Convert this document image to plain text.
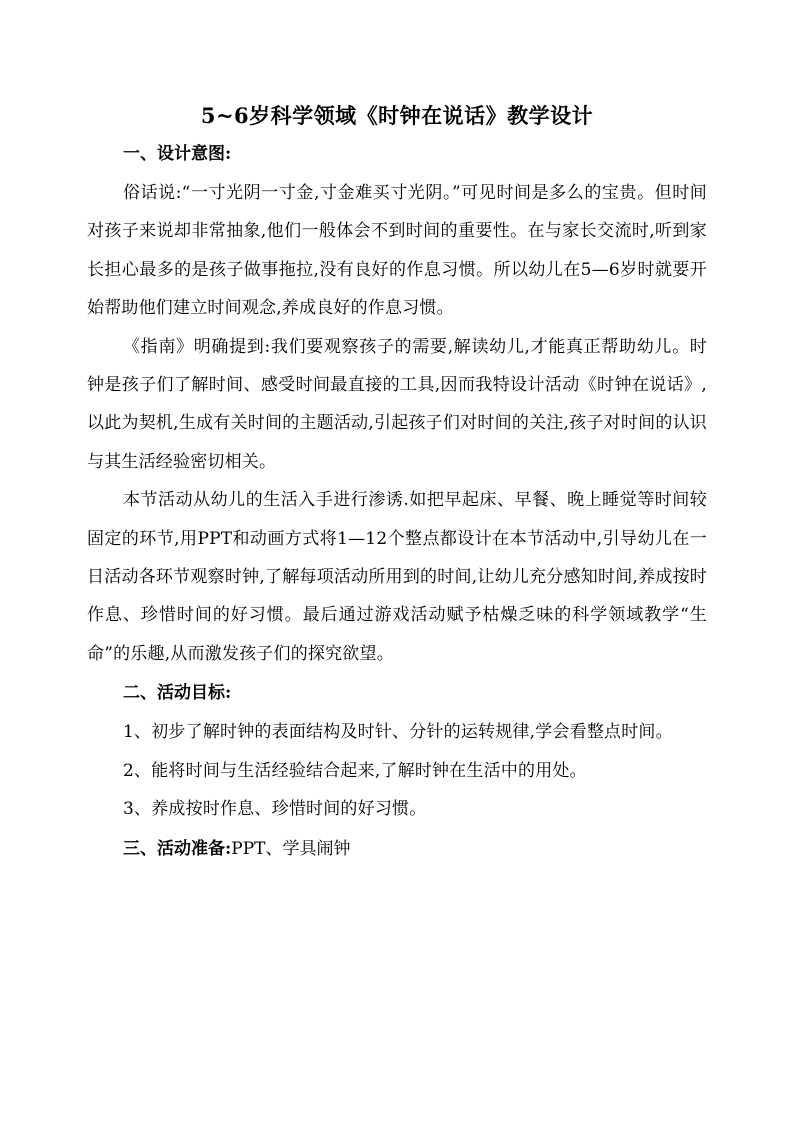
5~6岁科学领域《时钟在说话》教学设计

一、设计意图:

俗话说:“一寸光阴一寸金,寸金难买寸光阴。”可见时间是多么的宝贵。但时间对孩子来说却非常抽象,他们一般体会不到时间的重要性。在与家长交流时,听到家长担心最多的是孩子做事拖拉,没有良好的作息习惯。所以幼儿在5—6岁时就要开始帮助他们建立时间观念,养成良好的作息习惯。

《指南》明确提到:我们要观察孩子的需要,解读幼儿,才能真正帮助幼儿。时钟是孩子们了解时间、感受时间最直接的工具,因而我特设计活动《时钟在说话》,以此为契机,生成有关时间的主题活动,引起孩子们对时间的关注,孩子对时间的认识与其生活经验密切相关。

本节活动从幼儿的生活入手进行渗诱.如把早起床、早餐、晚上睡觉等时间较固定的环节,用PPT和动画方式将1—12个整点都设计在本节活动中,引导幼儿在一日活动各环节观察时钟,了解每项活动所用到的时间,让幼儿充分感知时间,养成按时作息、珍惜时间的好习惯。最后通过游戏活动赋予枯燥乏味的科学领域教学“生命”的乐趣,从而激发孩子们的探究欲望。

二、活动目标:

1、初步了解时钟的表面结构及时针、分针的运转规律,学会看整点时间。

2、能将时间与生活经验结合起来,了解时钟在生活中的用处。

3、养成按时作息、珍惜时间的好习惯。

三、活动准备:PPT、学具闹钟
